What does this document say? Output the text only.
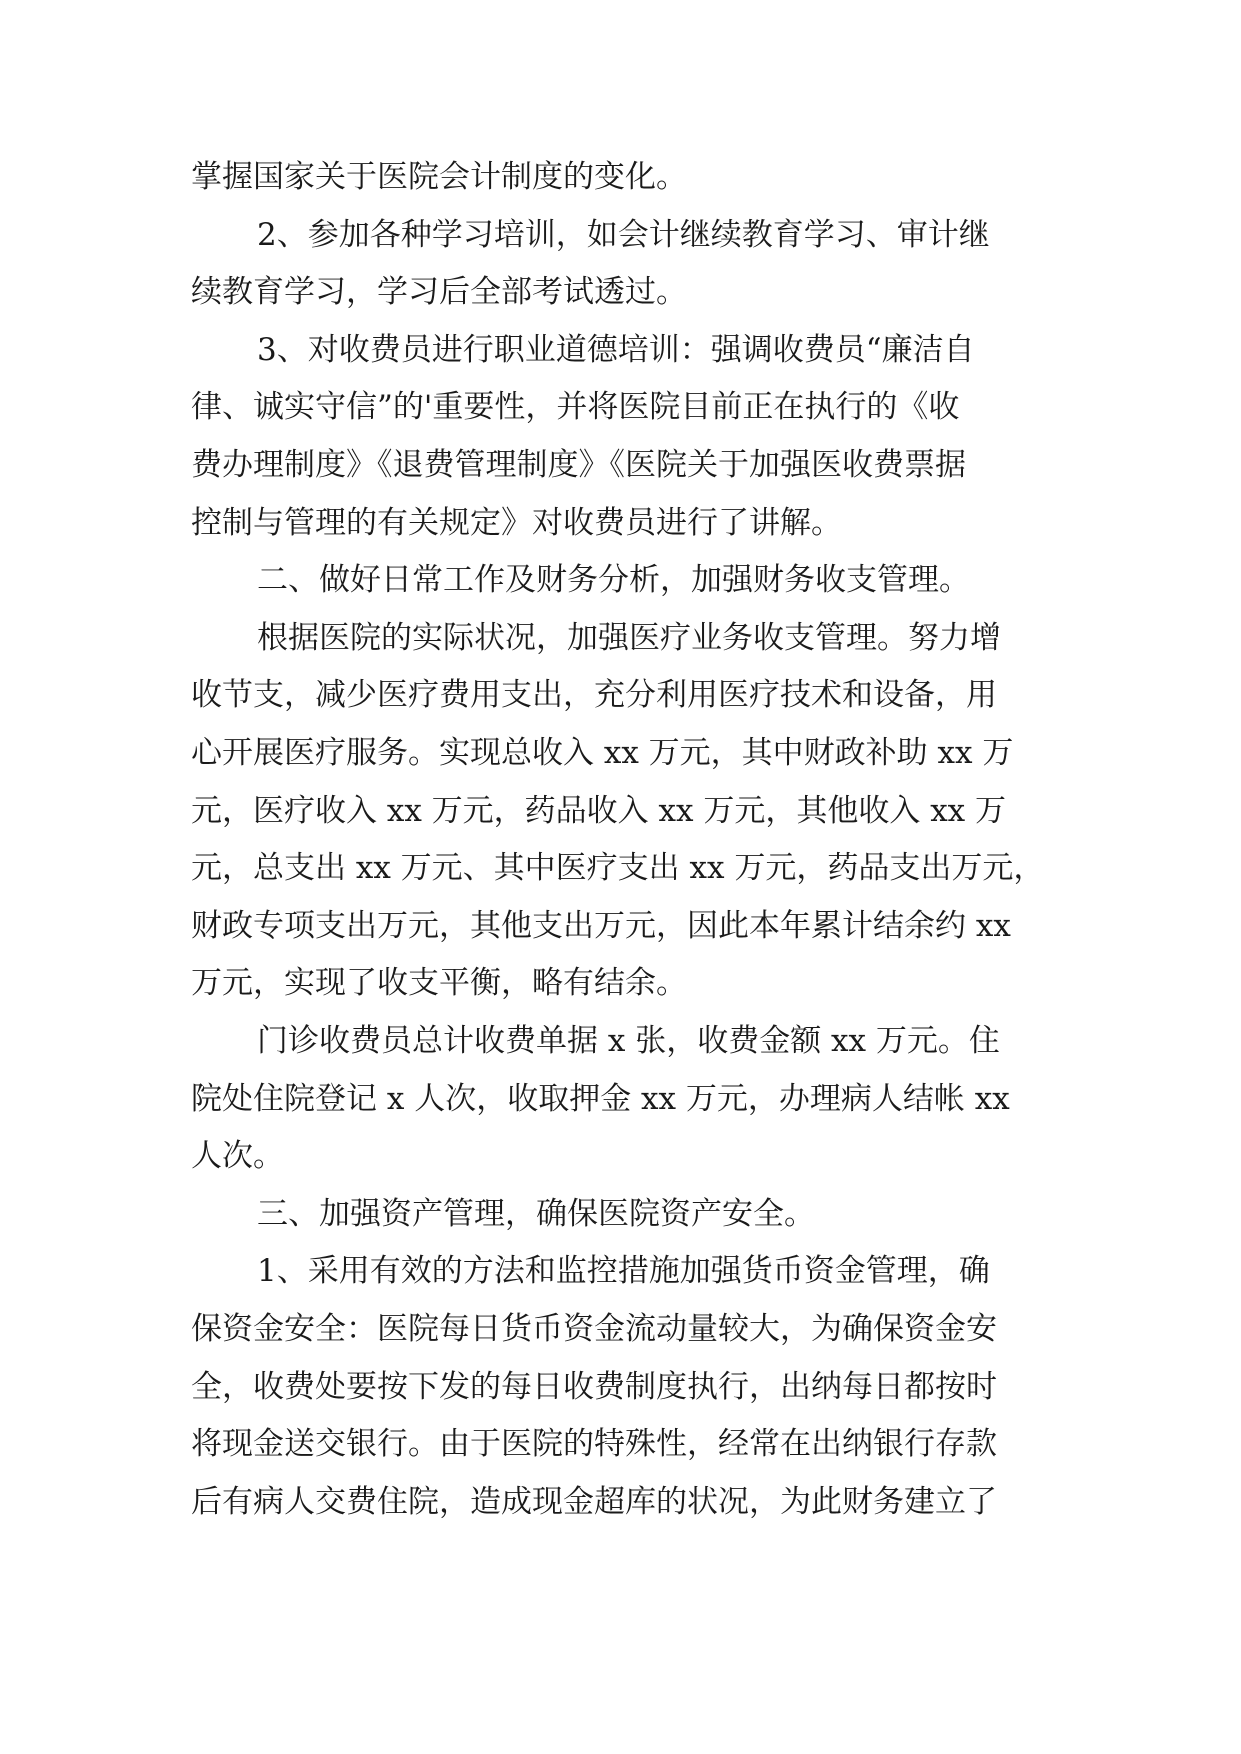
掌握国家关于医院会计制度的变化。
2、参加各种学习培训，如会计继续教育学习、审计继
续教育学习，学习后全部考试透过。
3、对收费员进行职业道德培训：强调收费员“廉洁自
律、诚实守信”的'重要性，并将医院目前正在执行的《收
费办理制度》《退费管理制度》《医院关于加强医收费票据
控制与管理的有关规定》对收费员进行了讲解。
二、做好日常工作及财务分析，加强财务收支管理。
根据医院的实际状况，加强医疗业务收支管理。努力增
收节支，减少医疗费用支出，充分利用医疗技术和设备，用
心开展医疗服务。实现总收入 xx 万元，其中财政补助 xx 万
元，医疗收入 xx 万元，药品收入 xx 万元，其他收入 xx 万
元，总支出 xx 万元、其中医疗支出 xx 万元，药品支出万元，
财政专项支出万元，其他支出万元，因此本年累计结余约 xx
万元，实现了收支平衡，略有结余。
门诊收费员总计收费单据 x 张，收费金额 xx 万元。住
院处住院登记 x 人次，收取押金 xx 万元，办理病人结帐 xx
人次。
三、加强资产管理，确保医院资产安全。
1、采用有效的方法和监控措施加强货币资金管理，确
保资金安全：医院每日货币资金流动量较大，为确保资金安
全，收费处要按下发的每日收费制度执行，出纳每日都按时
将现金送交银行。由于医院的特殊性，经常在出纳银行存款
后有病人交费住院，造成现金超库的状况，为此财务建立了
